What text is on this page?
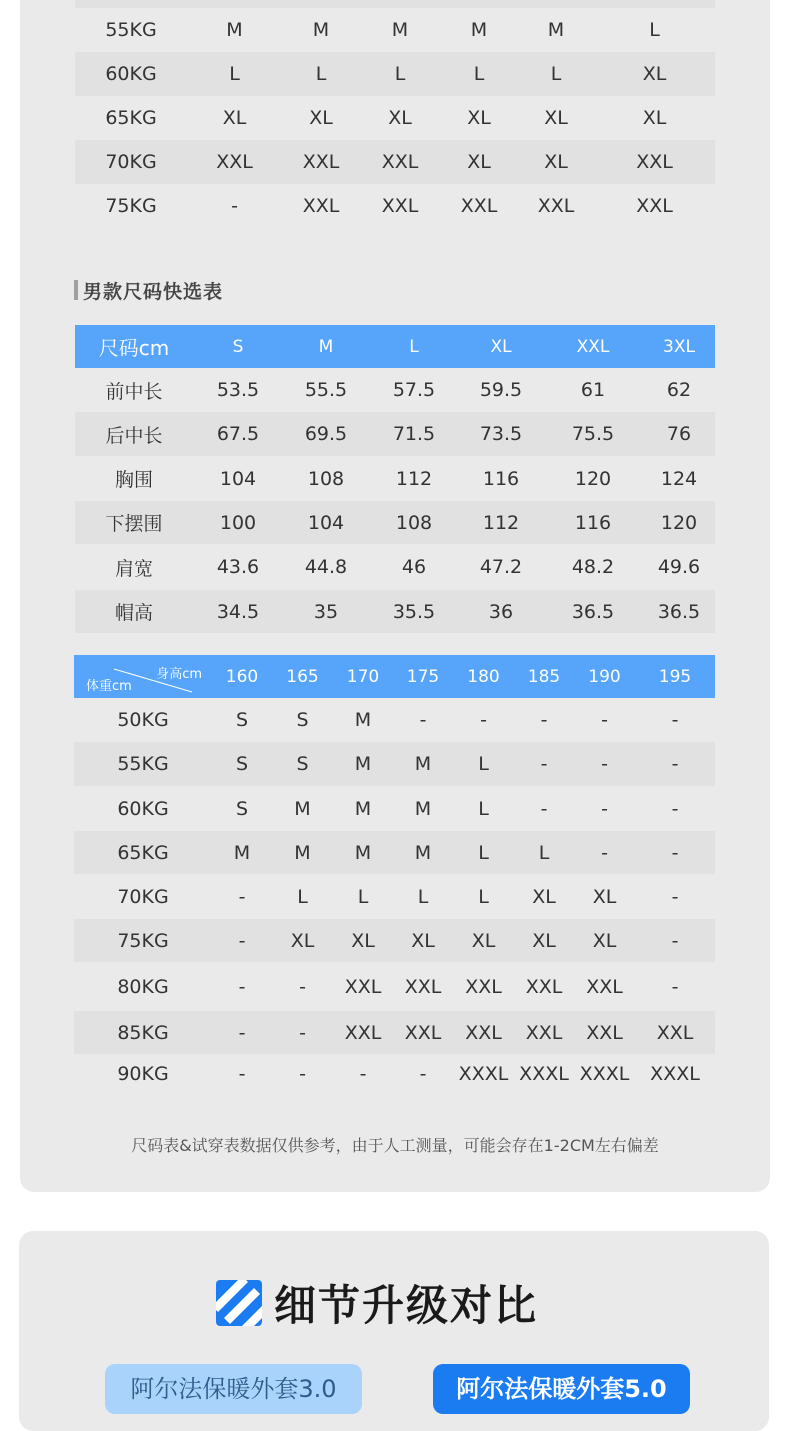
55KG	M	M	M	M	M	L
60KG	L	L	L	L	L	XL
65KG	XL	XL	XL	XL	XL	XL
70KG	XXL	XXL	XXL	XL	XL	XXL
75KG	-	XXL	XXL	XXL	XXL	XXL
男款尺码快选表
尺码cm	S	M	L	XL	XXL	3XL
前中长	53.5	55.5	57.5	59.5	61	62
后中长	67.5	69.5	71.5	73.5	75.5	76
胸围	104	108	112	116	120	124
下摆围	100	104	108	112	116	120
肩宽	43.6	44.8	46	47.2	48.2	49.6
帽高	34.5	35	35.5	36	36.5	36.5
身高cm
体重cm	160	165	170	175	180	185	190	195
50KG	S	S	M	-	-	-	-	-
55KG	S	S	M	M	L	-	-	-
60KG	S	M	M	M	L	-	-	-
65KG	M	M	M	M	L	L	-	-
70KG	-	L	L	L	L	XL	XL	-
75KG	-	XL	XL	XL	XL	XL	XL	-
80KG	-	-	XXL	XXL	XXL	XXL	XXL	-
85KG	-	-	XXL	XXL	XXL	XXL	XXL	XXL
90KG	-	-	-	-	XXXL	XXXL	XXXL	XXXL
尺码表&试穿表数据仅供参考，由于人工测量，可能会存在1-2CM左右偏差
细节升级对比
阿尔法保暖外套3.0	阿尔法保暖外套5.0
